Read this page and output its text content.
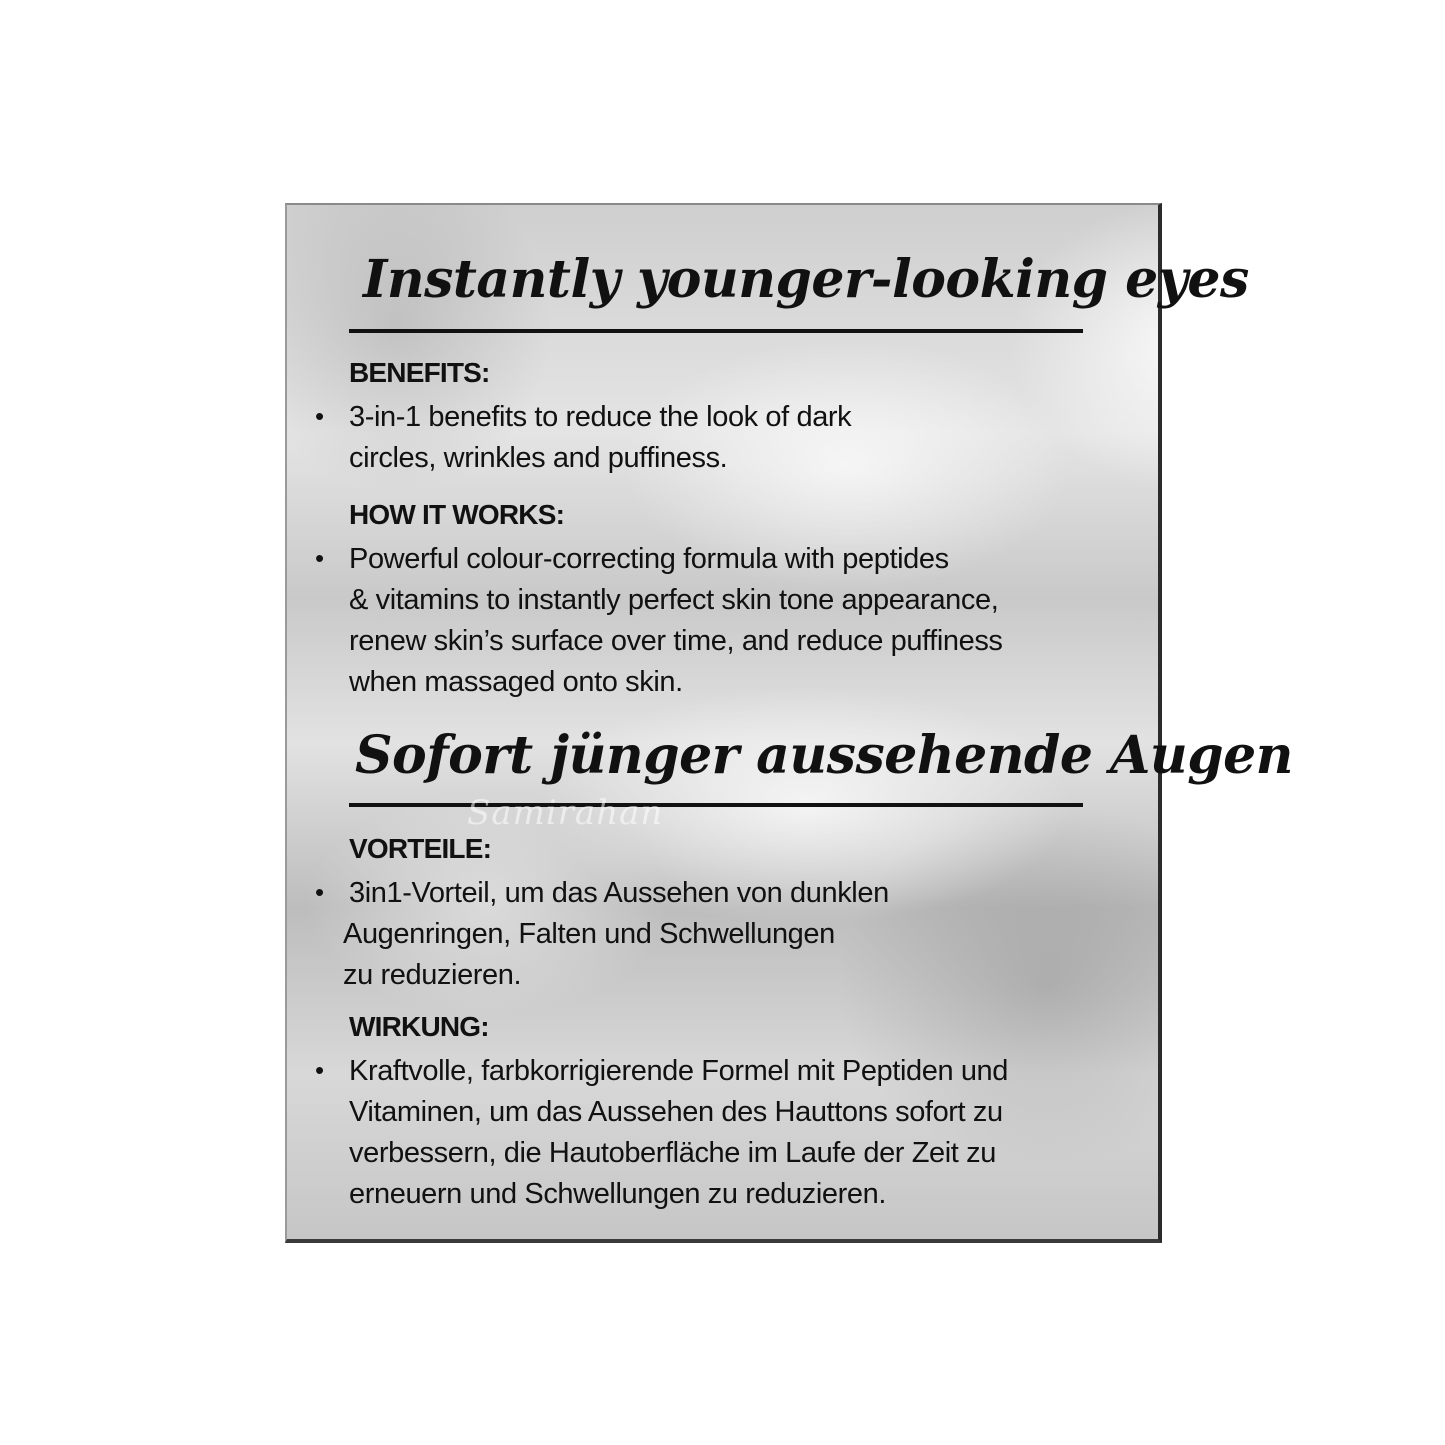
Instantly younger-looking eyes

BENEFITS:

• 3-in-1 benefits to reduce the look of dark
circles, wrinkles and puffiness.

HOW IT WORKS:

• Powerful colour-correcting formula with peptides
& vitamins to instantly perfect skin tone appearance,
renew skin’s surface over time, and reduce puffiness
when massaged onto skin.
Sofort jünger aussehende Augen
Samirahan

VORTEILE:

• 3in1-Vorteil, um das Aussehen von dunklen
Augenringen, Falten und Schwellungen
zu reduzieren.

WIRKUNG:

• Kraftvolle, farbkorrigierende Formel mit Peptiden und
Vitaminen, um das Aussehen des Hauttons sofort zu
verbessern, die Hautoberfläche im Laufe der Zeit zu
erneuern und Schwellungen zu reduzieren.
